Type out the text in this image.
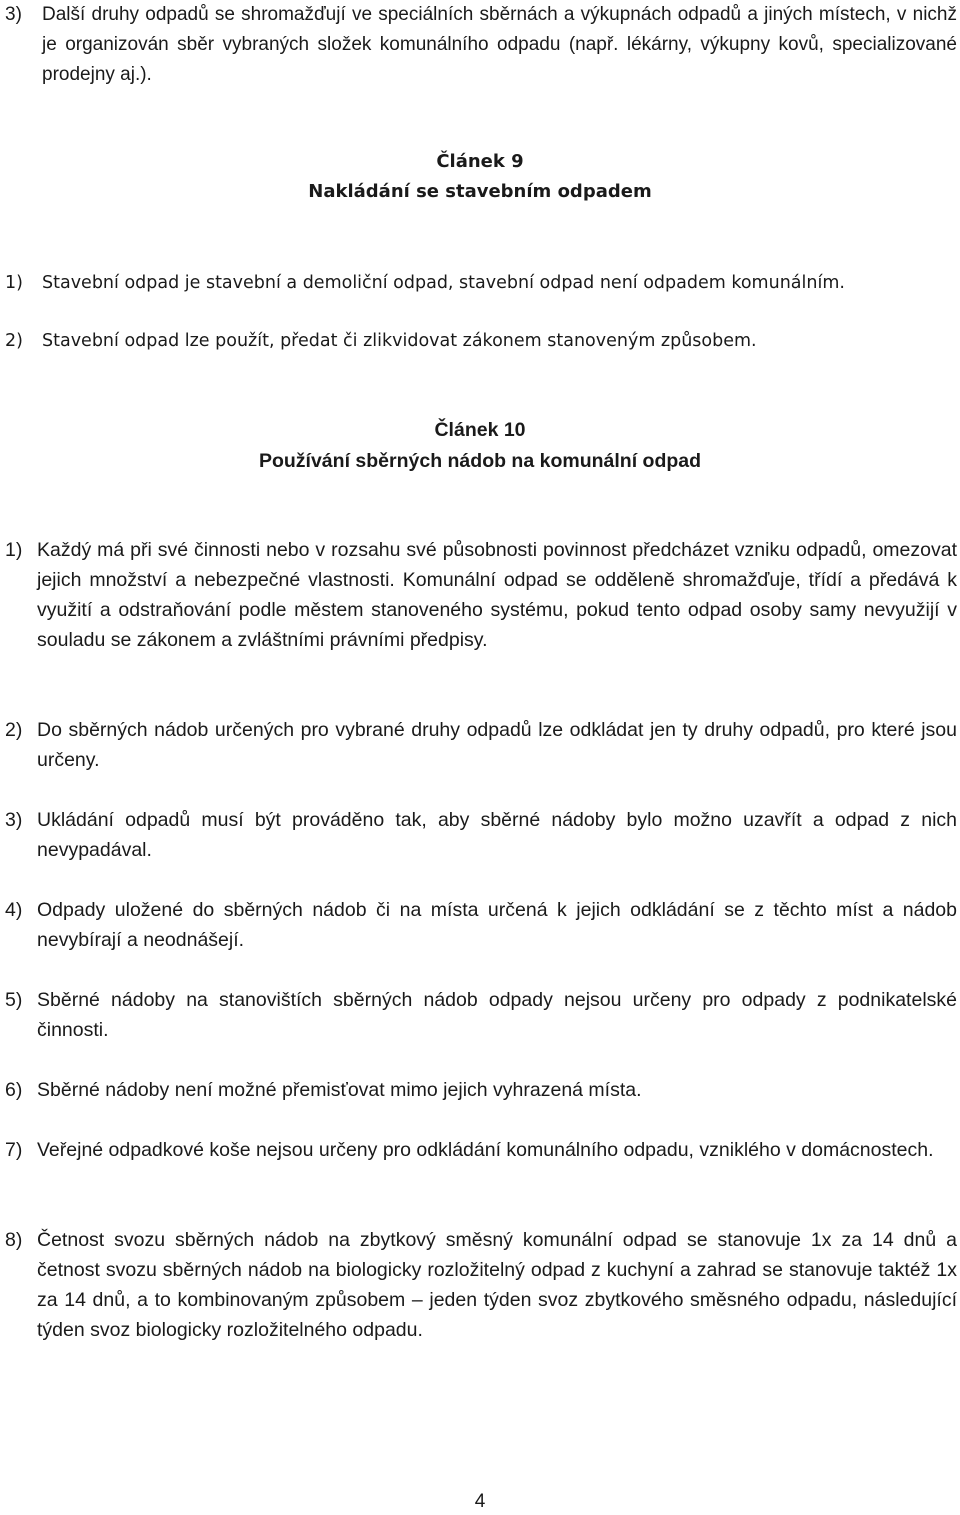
3) Další druhy odpadů se shromažďují ve speciálních sběrnách a výkupnách odpadů a jiných místech, v nichž je organizován sběr vybraných složek komunálního odpadu (např. lékárny, výkupny kovů, specializované prodejny aj.).
Článek 9
Nakládání se stavebním odpadem
1) Stavební odpad je stavební a demoliční odpad, stavební odpad není odpadem komunálním.
2) Stavební odpad lze použít, předat či zlikvidovat zákonem stanoveným způsobem.
Článek 10
Používání sběrných nádob na komunální odpad
1) Každý má při své činnosti nebo v rozsahu své působnosti povinnost předcházet vzniku odpadů, omezovat jejich množství a nebezpečné vlastnosti. Komunální odpad se odděleně shromažďuje, třídí a předává k využití a odstraňování podle městem stanoveného systému, pokud tento odpad osoby samy nevyužijí v souladu se zákonem a zvláštními právními předpisy.
2) Do sběrných nádob určených pro vybrané druhy odpadů lze odkládat jen ty druhy odpadů, pro které jsou určeny.
3) Ukládání odpadů musí být prováděno tak, aby sběrné nádoby bylo možno uzavřít a odpad z nich nevypadával.
4) Odpady uložené do sběrných nádob či na místa určená k jejich odkládání se z těchto míst a nádob nevybírají a neodnášejí.
5) Sběrné nádoby na stanovištích sběrných nádob odpady nejsou určeny pro odpady z podnikatelské činnosti.
6) Sběrné nádoby není možné přemisťovat mimo jejich vyhrazená místa.
7) Veřejné odpadkové koše nejsou určeny pro odkládání komunálního odpadu, vzniklého v domácnostech.
8) Četnost svozu sběrných nádob na zbytkový směsný komunální odpad se stanovuje 1x za 14 dnů a četnost svozu sběrných nádob na biologicky rozložitelný odpad z kuchyní a zahrad se stanovuje taktéž 1x za 14 dnů, a to kombinovaným způsobem – jeden týden svoz zbytkového směsného odpadu, následující týden svoz biologicky rozložitelného odpadu.
4
